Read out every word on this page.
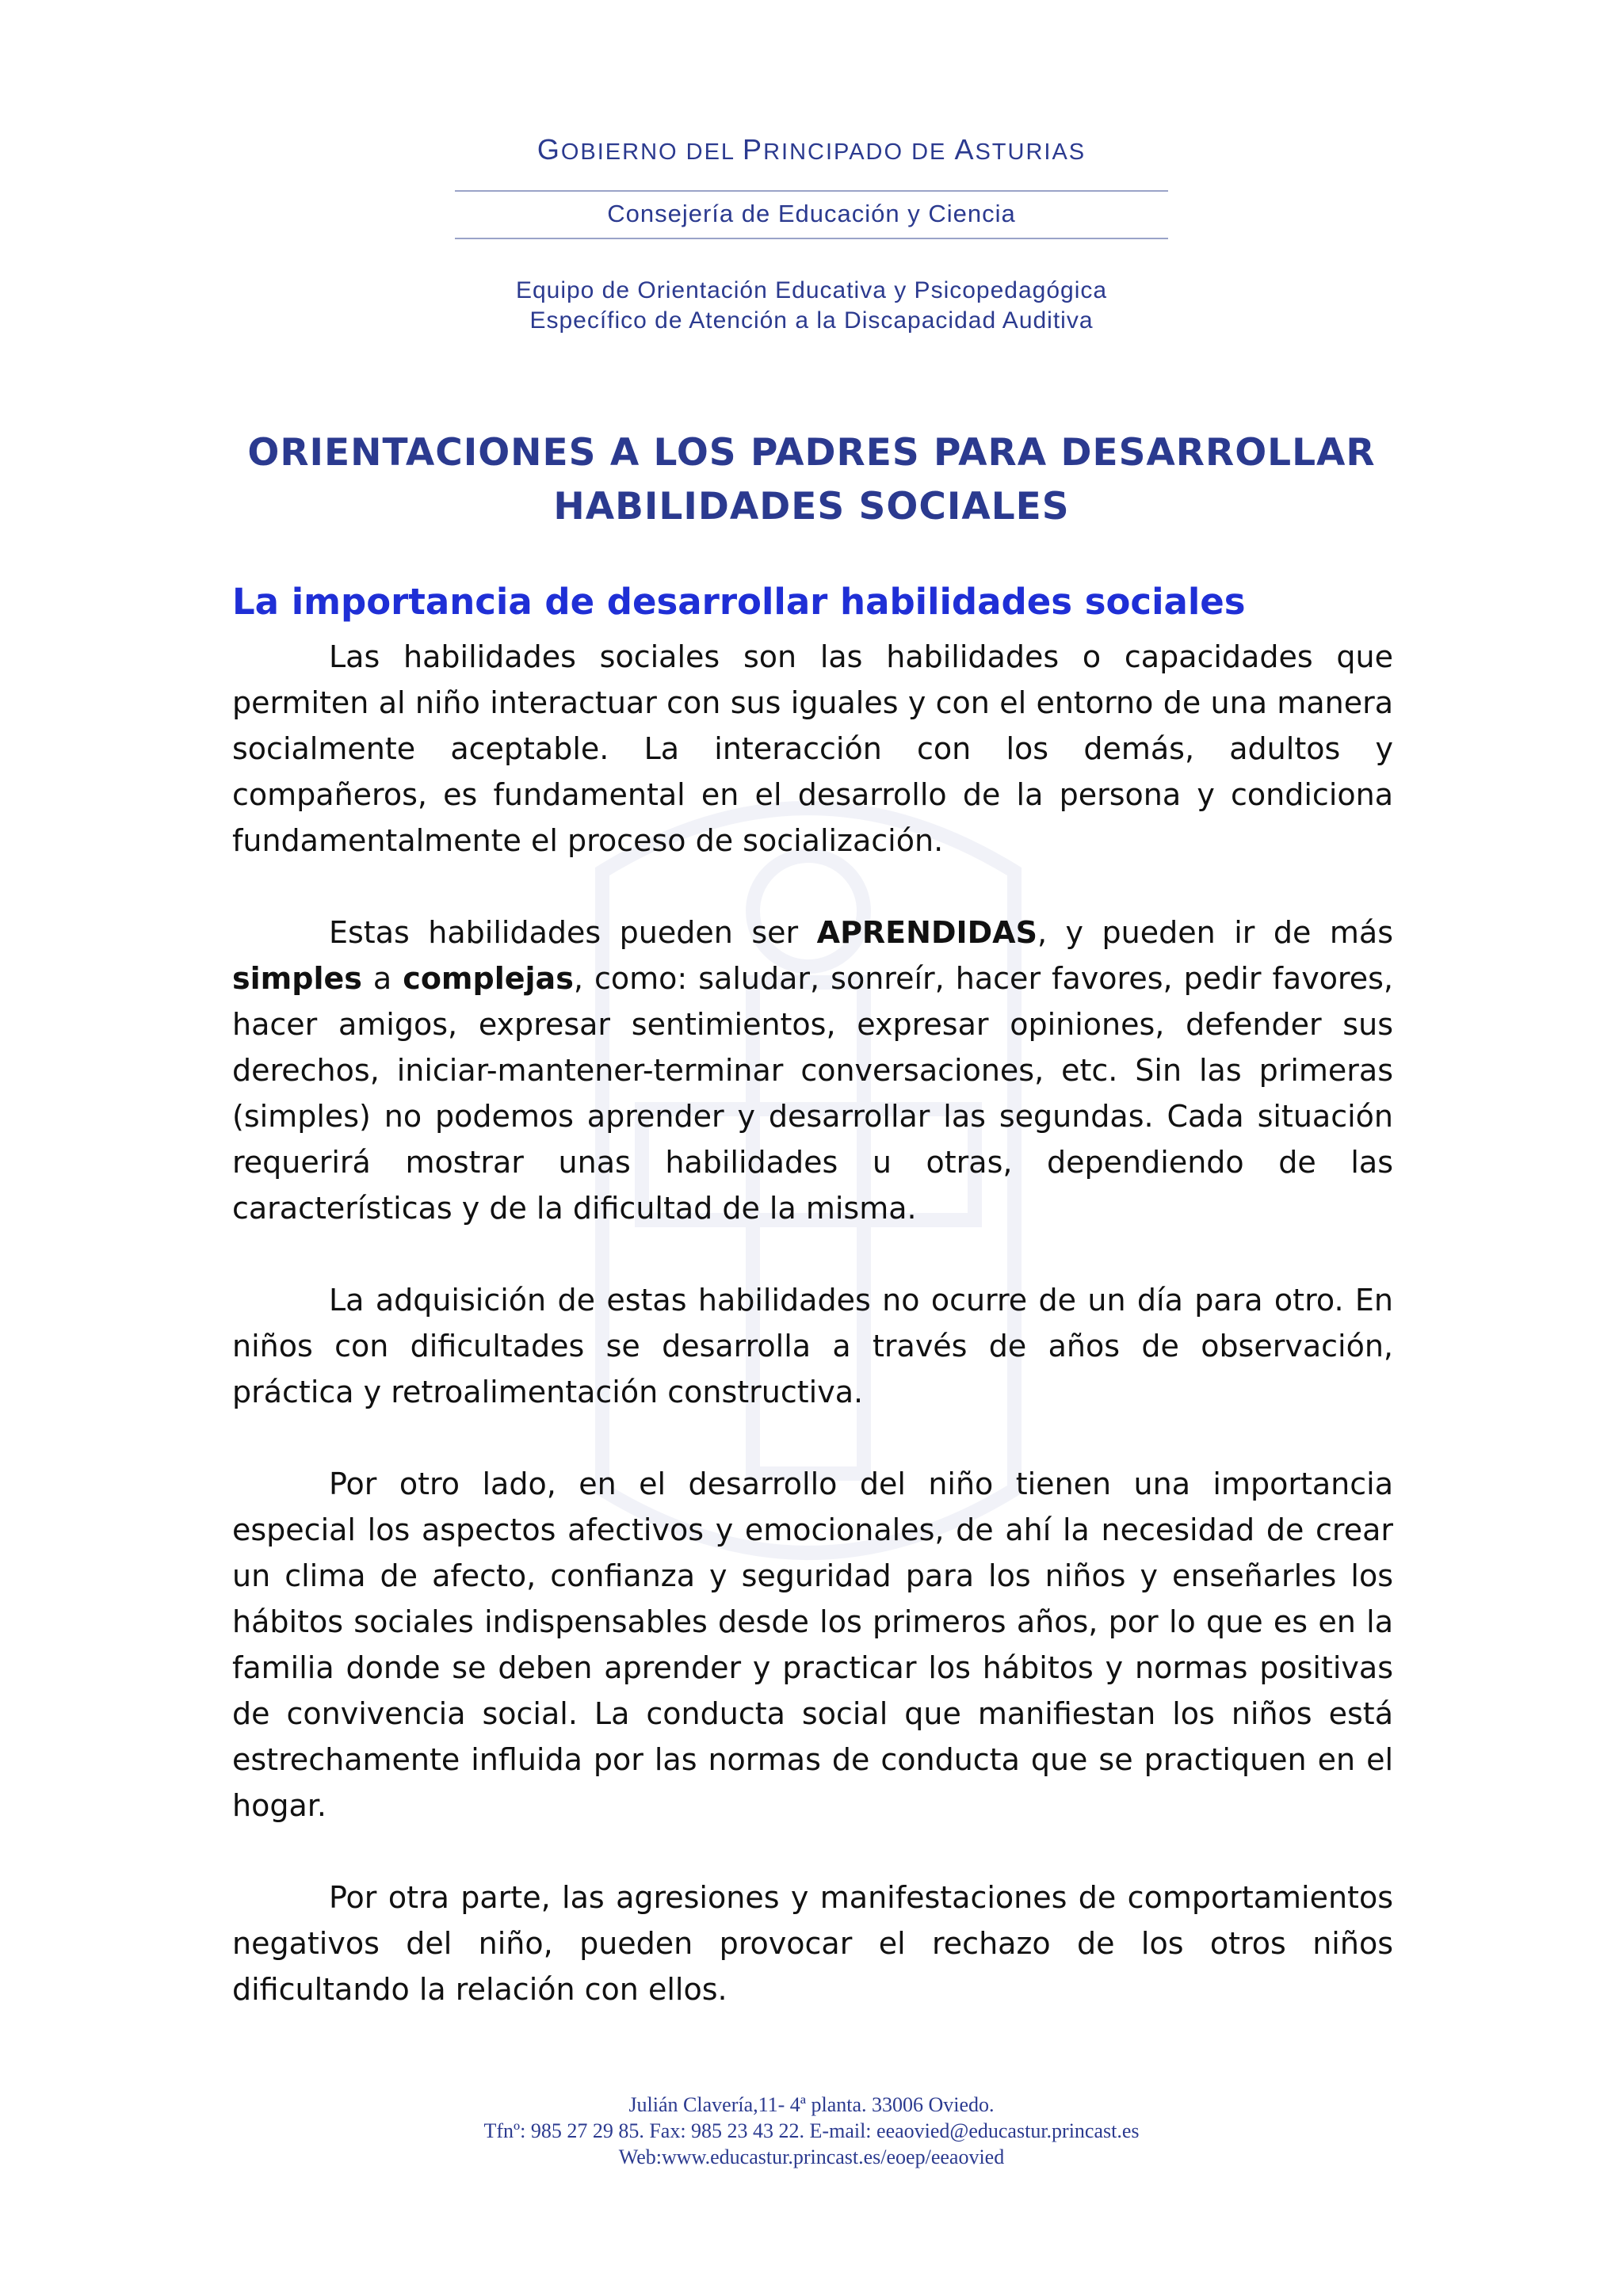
GOBIERNO DEL PRINCIPADO DE ASTURIAS
Consejería de Educación y Ciencia
Equipo de Orientación Educativa y Psicopedagógica
Específico de Atención a la Discapacidad Auditiva
ORIENTACIONES A LOS PADRES PARA DESARROLLAR
HABILIDADES SOCIALES
La importancia de desarrollar habilidades sociales

Las habilidades sociales son las habilidades o capacidades que permiten al niño interactuar con sus iguales y con el entorno de una manera socialmente aceptable. La interacción con los demás, adultos y compañeros, es fundamental en el desarrollo de la persona y condiciona fundamentalmente el proceso de socialización.

Estas habilidades pueden ser APRENDIDAS, y pueden ir de más simples a complejas, como: saludar, sonreír, hacer favores, pedir favores, hacer amigos, expresar sentimientos, expresar opiniones, defender sus derechos, iniciar-mantener-terminar conversaciones, etc. Sin las primeras (simples) no podemos aprender y desarrollar las segundas. Cada situación requerirá mostrar unas habilidades u otras, dependiendo de las características y de la dificultad de la misma.

La adquisición de estas habilidades no ocurre de un día para otro. En niños con dificultades se desarrolla a través de años de observación, práctica y retroalimentación constructiva.

Por otro lado, en el desarrollo del niño tienen una importancia especial los aspectos afectivos y emocionales, de ahí la necesidad de crear un clima de afecto, confianza y seguridad para los niños y enseñarles los hábitos sociales indispensables desde los primeros años, por lo que es en la familia donde se deben aprender y practicar los hábitos y normas positivas de convivencia social. La conducta social que manifiestan los niños está estrechamente influida por las normas de conducta que se practiquen en el hogar.

Por otra parte, las agresiones y manifestaciones de comportamientos negativos del niño, pueden provocar el rechazo de los otros niños dificultando la relación con ellos.

Julián Clavería,11- 4ª planta. 33006 Oviedo.
Tfnº: 985 27 29 85. Fax: 985 23 43 22. E-mail: eeaovied@educastur.princast.es
Web:www.educastur.princast.es/eoep/eeaovied
